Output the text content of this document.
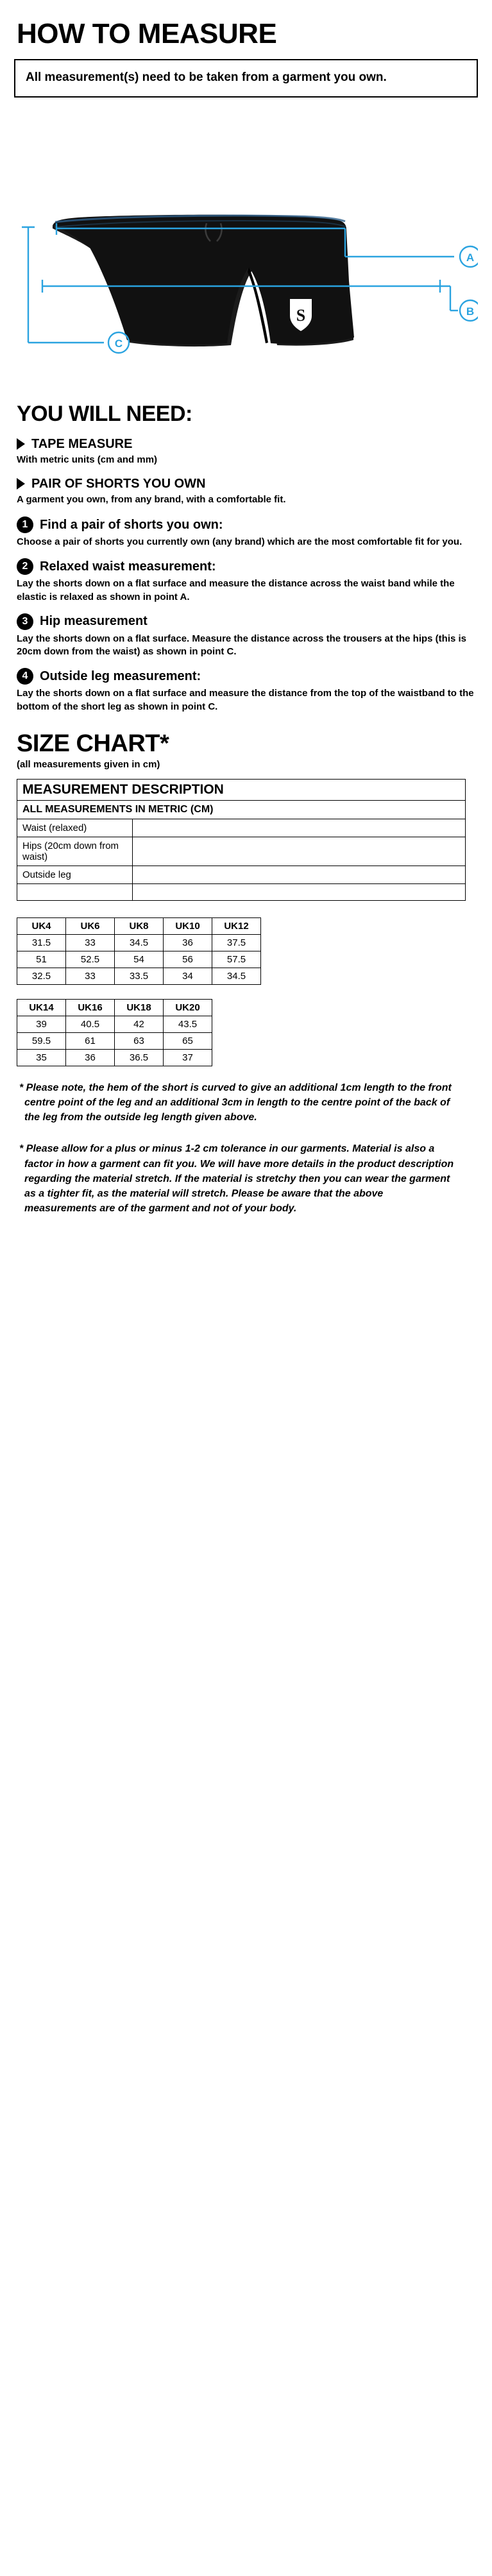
HOW TO MEASURE

All measurement(s) need to be taken from a garment you own.

S
A
B
C
YOU WILL NEED:
TAPE MEASURE

With metric units (cm and mm)

PAIR OF SHORTS YOU OWN

A garment you own, from any brand, with a comfortable fit.

1 Find a pair of shorts you own:

Choose a pair of shorts you currently own (any brand) which are the most comfortable fit for you.

2 Relaxed waist measurement:

Lay the shorts down on a flat surface and measure the distance across the waist band while the elastic is relaxed as shown in point A.

3 Hip measurement

Lay the shorts down on a flat surface. Measure the distance across the trousers at the hips (this is 20cm down from the waist) as shown in point C.

4 Outside leg measurement:

Lay the shorts down on a flat surface and measure the distance from the top of the waistband to the bottom of the short leg as shown in point C.

SIZE CHART*

(all measurements given in cm)

MEASUREMENT DESCRIPTION	
ALL MEASUREMENTS IN METRIC (CM)	
Waist (relaxed)	
Hips (20cm down from waist)	
Outside leg	

UK4	UK6	UK8	UK10	UK12
31.5	33	34.5	36	37.5
51	52.5	54	56	57.5
32.5	33	33.5	34	34.5
UK14	UK16	UK18	UK20
39	40.5	42	43.5
59.5	61	63	65
35	36	36.5	37

* Please note, the hem of the short is curved to give an additional 1cm length to the front centre point of the leg and an additional 3cm in length to the centre point of the back of the leg from the outside leg length given above.

* Please allow for a plus or minus 1-2 cm tolerance in our garments. Material is also a factor in how a garment can fit you. We will have more details in the product description regarding the material stretch. If the material is stretchy then you can wear the garment as a tighter fit, as the material will stretch. Please be aware that the above measurements are of the garment and not of your body.
